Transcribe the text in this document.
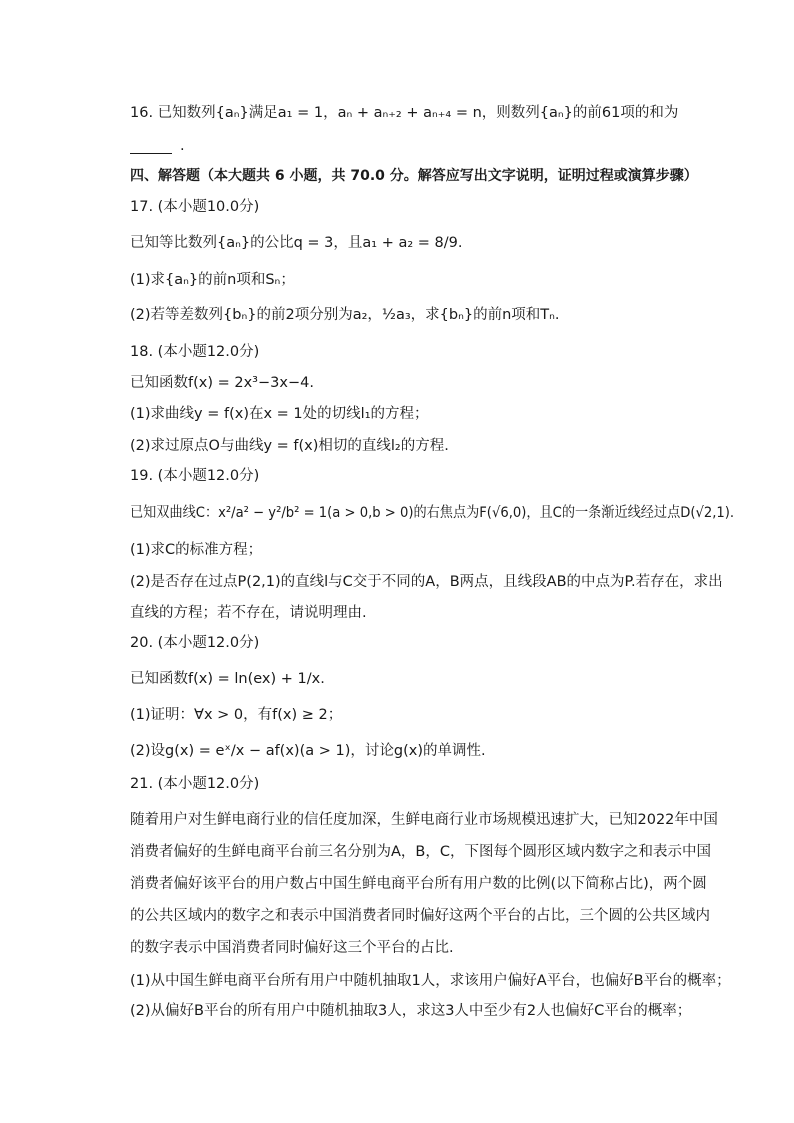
16. 已知数列{aₙ}满足a₁ = 1，aₙ + aₙ₊₂ + aₙ₊₄ = n，则数列{aₙ}的前61项的和为
.
四、解答题（本大题共 6 小题，共 70.0 分。解答应写出文字说明，证明过程或演算步骤）
17. (本小题10.0分)
已知等比数列{aₙ}的公比q = 3，且a₁ + a₂ = 8/9.
(1)求{aₙ}的前n项和Sₙ；
(2)若等差数列{bₙ}的前2项分别为a₂，½a₃，求{bₙ}的前n项和Tₙ.
18. (本小题12.0分)
已知函数f(x) = 2x³−3x−4.
(1)求曲线y = f(x)在x = 1处的切线l₁的方程；
(2)求过原点O与曲线y = f(x)相切的直线l₂的方程.
19. (本小题12.0分)
已知双曲线C：x²/a² − y²/b² = 1(a > 0,b > 0)的右焦点为F(√6,0)，且C的一条渐近线经过点D(√2,1).
(1)求C的标准方程；
(2)是否存在过点P(2,1)的直线l与C交于不同的A，B两点，且线段AB的中点为P.若存在，求出
直线的方程；若不存在，请说明理由.
20. (本小题12.0分)
已知函数f(x) = ln(ex) + 1/x.
(1)证明：∀x > 0，有f(x) ≥ 2；
(2)设g(x) = eˣ/x − af(x)(a > 1)，讨论g(x)的单调性.
21. (本小题12.0分)
随着用户对生鲜电商行业的信任度加深，生鲜电商行业市场规模迅速扩大，已知2022年中国
消费者偏好的生鲜电商平台前三名分别为A，B，C，下图每个圆形区域内数字之和表示中国
消费者偏好该平台的用户数占中国生鲜电商平台所有用户数的比例(以下简称占比)，两个圆
的公共区域内的数字之和表示中国消费者同时偏好这两个平台的占比，三个圆的公共区域内
的数字表示中国消费者同时偏好这三个平台的占比.
(1)从中国生鲜电商平台所有用户中随机抽取1人，求该用户偏好A平台，也偏好B平台的概率；
(2)从偏好B平台的所有用户中随机抽取3人，求这3人中至少有2人也偏好C平台的概率；
